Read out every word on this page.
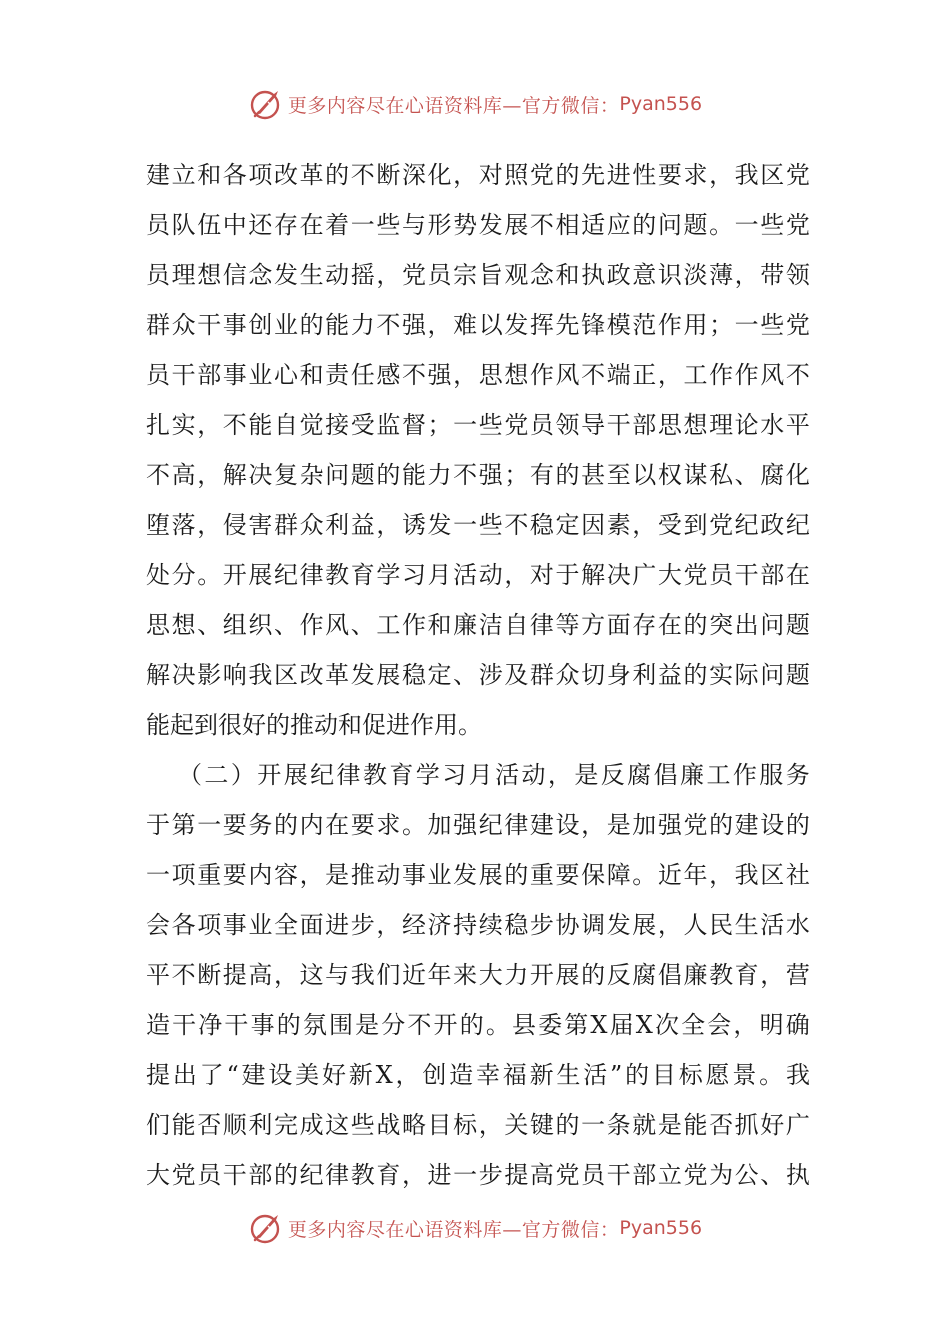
更多内容尽在心语资料库—官方微信： Pyan556
建 立 和 各 项 改 革 的 不 断 深 化 ， 对 照 党 的 先 进 性 要 求 ， 我 区 党
员 队 伍 中 还 存 在 着 一 些 与 形 势 发 展 不 相 适 应 的 问 题 。 一 些 党
员 理 想 信 念 发 生 动 摇 ， 党 员 宗 旨 观 念 和 执 政 意 识 淡 薄 ， 带 领
群 众 干 事 创 业 的 能 力 不 强 ， 难 以 发 挥 先 锋 模 范 作 用 ； 一 些 党
员 干 部 事 业 心 和 责 任 感 不 强 ， 思 想 作 风 不 端 正 ， 工 作 作 风 不
扎 实 ， 不 能 自 觉 接 受 监 督 ； 一 些 党 员 领 导 干 部 思 想 理 论 水 平
不 高 ， 解 决 复 杂 问 题 的 能 力 不 强 ； 有 的 甚 至 以 权 谋 私 、 腐 化
堕 落 ， 侵 害 群 众 利 益 ， 诱 发 一 些 不 稳 定 因 素 ， 受 到 党 纪 政 纪
处 分 。 开 展 纪 律 教 育 学 习 月 活 动 ， 对 于 解 决 广 大 党 员 干 部 在
思 想 、 组 织 、 作 风 、 工 作 和 廉 洁 自 律 等 方 面 存 在 的 突 出 问 题
解 决 影 响 我 区 改 革 发 展 稳 定 、 涉 及 群 众 切 身 利 益 的 实 际 问 题
能起到很好的推动和促进作用。
（ 二 ） 开 展 纪 律 教 育 学 习 月 活 动 ， 是 反 腐 倡 廉 工 作 服 务
于 第 一 要 务 的 内 在 要 求 。 加 强 纪 律 建 设 ， 是 加 强 党 的 建 设 的
一 项 重 要 内 容 ， 是 推 动 事 业 发 展 的 重 要 保 障 。 近 年 ， 我 区 社
会 各 项 事 业 全 面 进 步 ， 经 济 持 续 稳 步 协 调 发 展 ， 人 民 生 活 水
平 不 断 提 高 ， 这 与 我 们 近 年 来 大 力 开 展 的 反 腐 倡 廉 教 育 ， 营
造 干 净 干 事 的 氛 围 是 分 不 开 的 。 县 委 第 X 届 X 次 全 会 ， 明 确
提 出 了 “ 建 设 美 好 新 X ， 创 造 幸 福 新 生 活 ” 的 目 标 愿 景 。 我
们 能 否 顺 利 完 成 这 些 战 略 目 标 ， 关 键 的 一 条 就 是 能 否 抓 好 广
大 党 员 干 部 的 纪 律 教 育 ， 进 一 步 提 高 党 员 干 部 立 党 为 公 、 执
更多内容尽在心语资料库—官方微信： Pyan556
